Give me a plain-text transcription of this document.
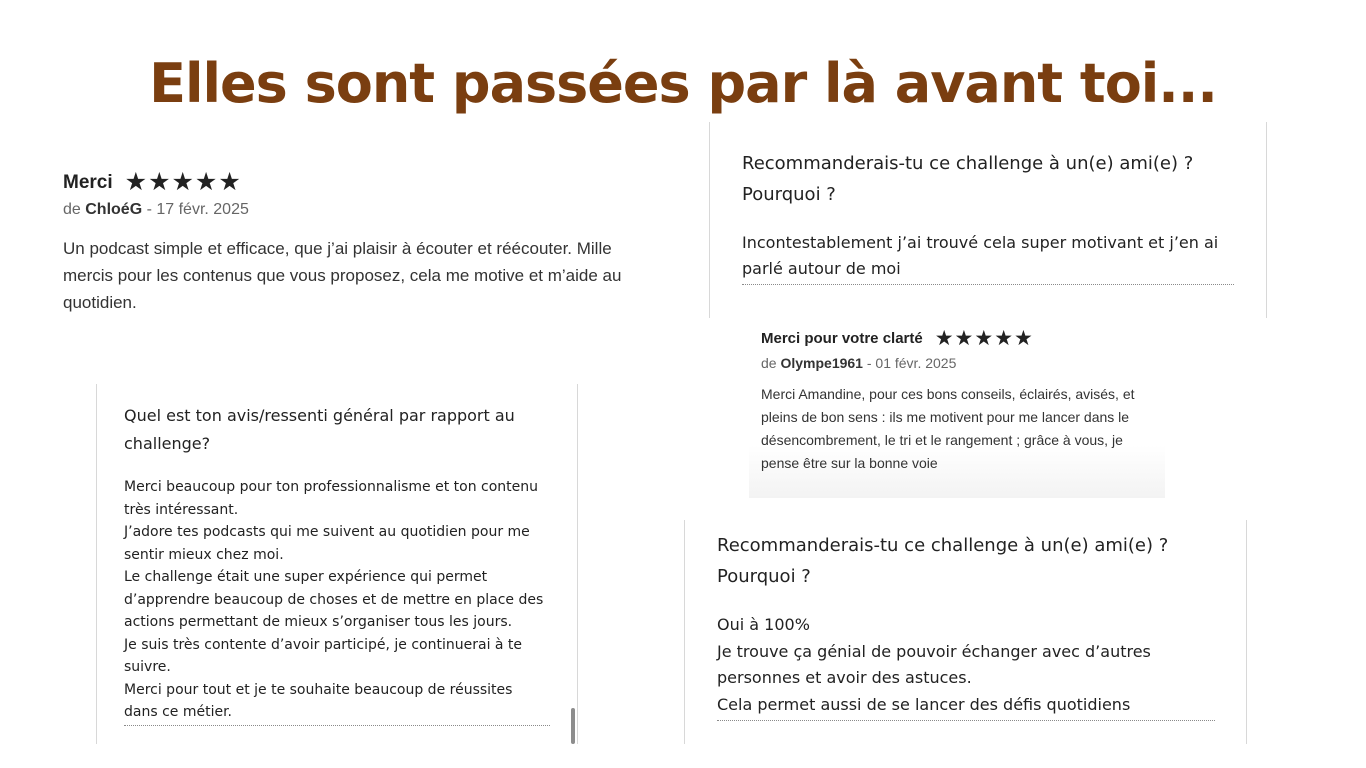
Elles sont passées par là avant toi...
Merci ★ ★ ★ ★ ★
de ChloéG - 17 févr. 2025
Un podcast simple et efficace, que j’ai plaisir à écouter et réécouter. Mille mercis pour les contenus que vous proposez, cela me motive et m’aide au quotidien.
Recommanderais-tu ce challenge à un(e) ami(e) ?
Pourquoi ?
Incontestablement j’ai trouvé cela super motivant et j’en ai parlé autour de moi
Merci pour votre clarté ★ ★ ★ ★ ★
de Olympe1961 - 01 févr. 2025
Merci Amandine, pour ces bons conseils, éclairés, avisés, et pleins de bon sens : ils me motivent pour me lancer dans le désencombrement, le tri et le rangement ; grâce à vous, je pense être sur la bonne voie
Quel est ton avis/ressenti général par rapport au challenge?
Merci beaucoup pour ton professionnalisme et ton contenu très intéressant.
J’adore tes podcasts qui me suivent au quotidien pour me sentir mieux chez moi.
Le challenge était une super expérience qui permet d’apprendre beaucoup de choses et de mettre en place des actions permettant de mieux s’organiser tous les jours.
Je suis très contente d’avoir participé, je continuerai à te suivre.
Merci pour tout et je te souhaite beaucoup de réussites dans ce métier.
Recommanderais-tu ce challenge à un(e) ami(e) ?
Pourquoi ?
Oui à 100%
Je trouve ça génial de pouvoir échanger avec d’autres personnes et avoir des astuces.
Cela permet aussi de se lancer des défis quotidiens
